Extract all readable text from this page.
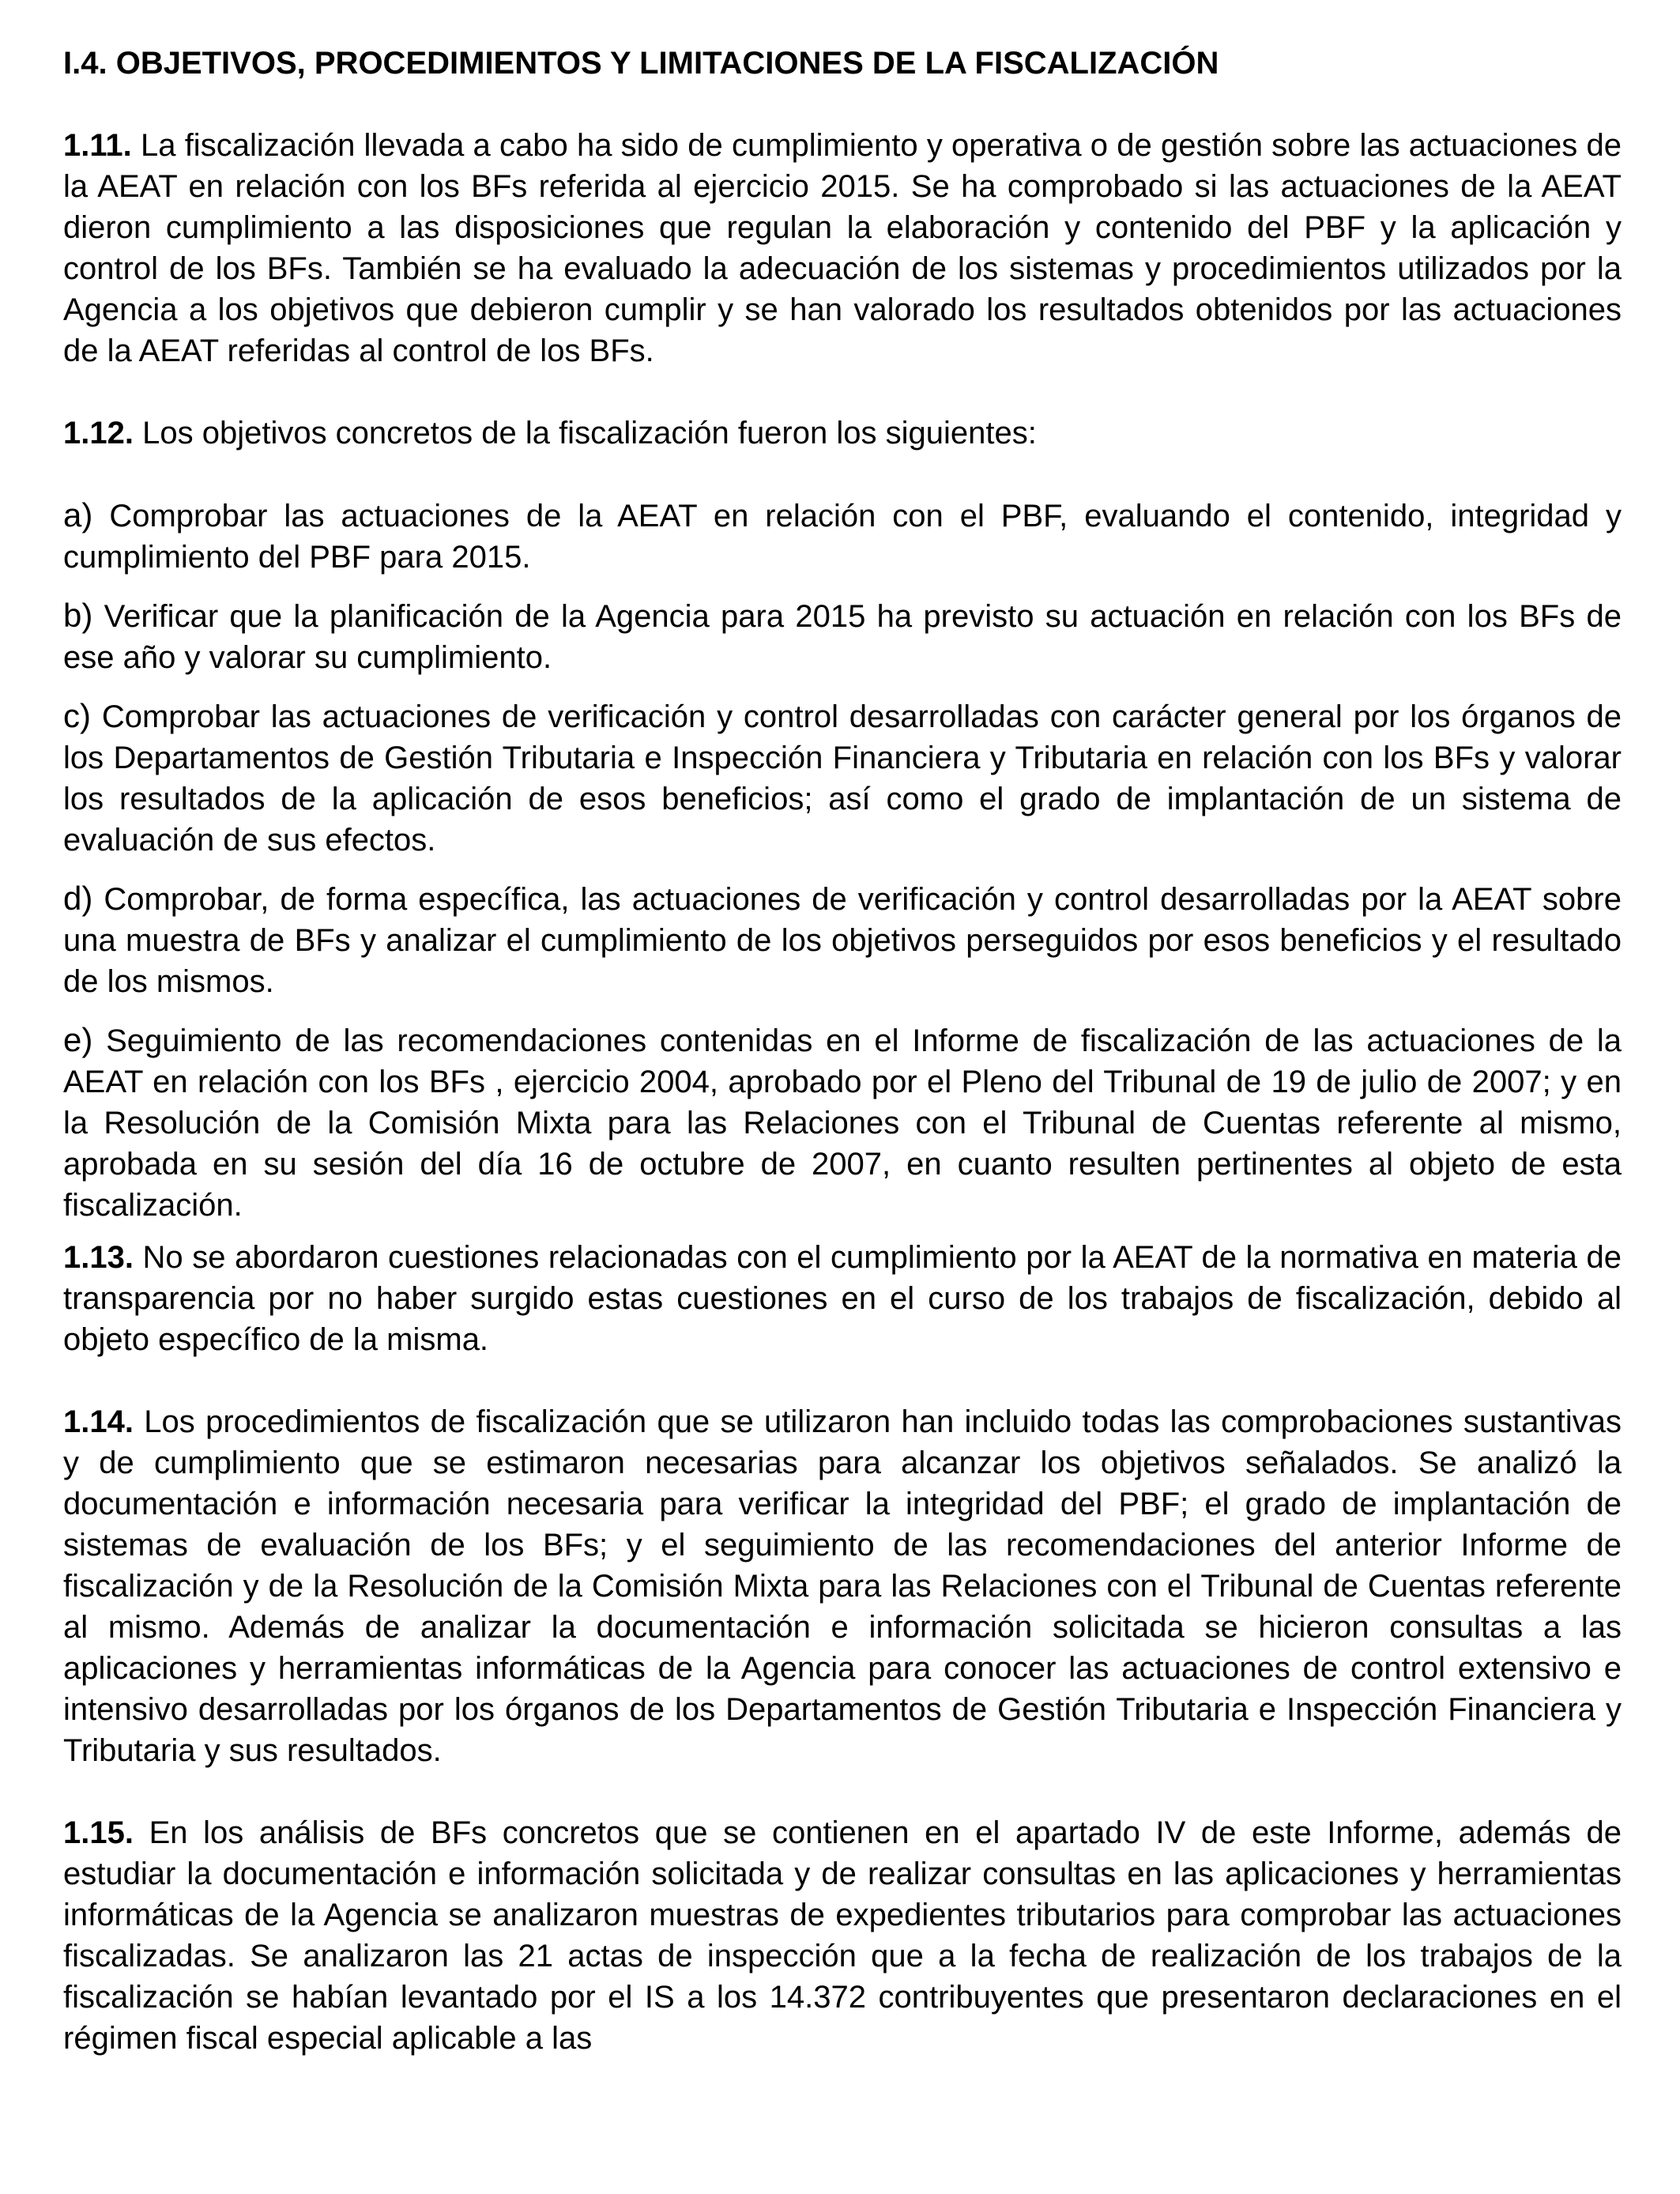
I.4. OBJETIVOS, PROCEDIMIENTOS Y LIMITACIONES DE LA FISCALIZACIÓN

1.11. La fiscalización llevada a cabo ha sido de cumplimiento y operativa o de gestión sobre las actuaciones de la AEAT en relación con los BFs referida al ejercicio 2015. Se ha comprobado si las actuaciones de la AEAT dieron cumplimiento a las disposiciones que regulan la elaboración y contenido del PBF y la aplicación y control de los BFs. También se ha evaluado la adecuación de los sistemas y procedimientos utilizados por la Agencia a los objetivos que debieron cumplir y se han valorado los resultados obtenidos por las actuaciones de la AEAT referidas al control de los BFs.

1.12. Los objetivos concretos de la fiscalización fueron los siguientes:

a) Comprobar las actuaciones de la AEAT en relación con el PBF, evaluando el contenido, integridad y cumplimiento del PBF para 2015.

b) Verificar que la planificación de la Agencia para 2015 ha previsto su actuación en relación con los BFs de ese año y valorar su cumplimiento.

c) Comprobar las actuaciones de verificación y control desarrolladas con carácter general por los órganos de los Departamentos de Gestión Tributaria e Inspección Financiera y Tributaria en relación con los BFs y valorar los resultados de la aplicación de esos beneficios; así como el grado de implantación de un sistema de evaluación de sus efectos.

d) Comprobar, de forma específica, las actuaciones de verificación y control desarrolladas por la AEAT sobre una muestra de BFs y analizar el cumplimiento de los objetivos perseguidos por esos beneficios y el resultado de los mismos.

e) Seguimiento de las recomendaciones contenidas en el Informe de fiscalización de las actuaciones de la AEAT en relación con los BFs , ejercicio 2004, aprobado por el Pleno del Tribunal de 19 de julio de 2007; y en la Resolución de la Comisión Mixta para las Relaciones con el Tribunal de Cuentas referente al mismo, aprobada en su sesión del día 16 de octubre de 2007, en cuanto resulten pertinentes al objeto de esta fiscalización.

1.13. No se abordaron cuestiones relacionadas con el cumplimiento por la AEAT de la normativa en materia de transparencia por no haber surgido estas cuestiones en el curso de los trabajos de fiscalización, debido al objeto específico de la misma.

1.14. Los procedimientos de fiscalización que se utilizaron han incluido todas las comprobaciones sustantivas y de cumplimiento que se estimaron necesarias para alcanzar los objetivos señalados. Se analizó la documentación e información necesaria para verificar la integridad del PBF; el grado de implantación de sistemas de evaluación de los BFs; y el seguimiento de las recomendaciones del anterior Informe de fiscalización y de la Resolución de la Comisión Mixta para las Relaciones con el Tribunal de Cuentas referente al mismo. Además de analizar la documentación e información solicitada se hicieron consultas a las aplicaciones y herramientas informáticas de la Agencia para conocer las actuaciones de control extensivo e intensivo desarrolladas por los órganos de los Departamentos de Gestión Tributaria e Inspección Financiera y Tributaria y sus resultados.

1.15. En los análisis de BFs concretos que se contienen en el apartado IV de este Informe, además de estudiar la documentación e información solicitada y de realizar consultas en las aplicaciones y herramientas informáticas de la Agencia se analizaron muestras de expedientes tributarios para comprobar las actuaciones fiscalizadas. Se analizaron las 21 actas de inspección que a la fecha de realización de los trabajos de la fiscalización se habían levantado por el IS a los 14.372 contribuyentes que presentaron declaraciones en el régimen fiscal especial aplicable a las
